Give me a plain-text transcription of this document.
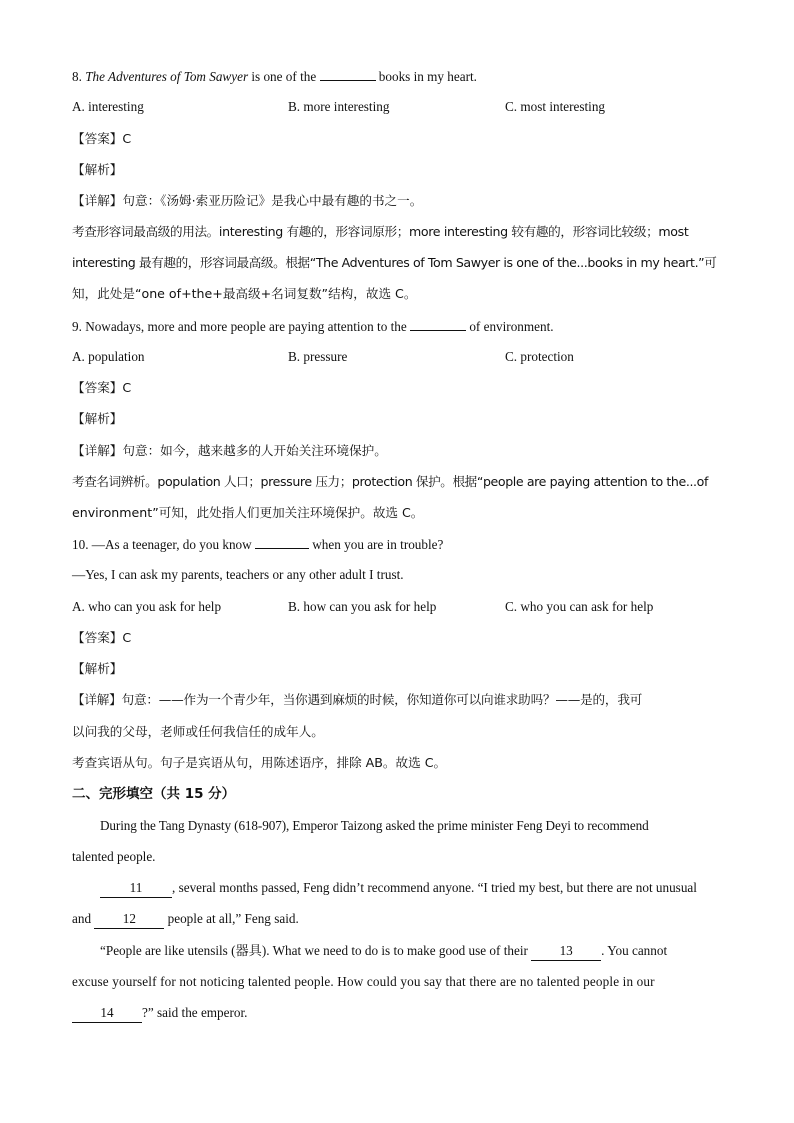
8. The Adventures of Tom Sawyer is one of the	books in my heart.
A. interesting	B. more interesting	C. most interesting
【答案】C
【解析】
【详解】句意：《汤姆·索亚历险记》是我心中最有趣的书之一。
考查形容词最高级的用法。interesting 有趣的，形容词原形；more interesting 较有趣的，形容词比较级；most
interesting 最有趣的，形容词最高级。根据“The Adventures of Tom Sawyer is one of the...books in my heart.”可
知，此处是“one of+the+最高级+名词复数”结构，故选 C。
9. Nowadays, more and more people are paying attention to the	of environment.
A. population	B. pressure	C. protection
【答案】C
【解析】
【详解】句意：如今，越来越多的人开始关注环境保护。
考查名词辨析。population 人口；pressure 压力；protection 保护。根据“people are paying attention to the...of
environment”可知，此处指人们更加关注环境保护。故选 C。
10. —As a teenager, do you know	when you are in trouble?
—Yes, I can ask my parents, teachers or any other adult I trust.
A. who can you ask for help	B. how can you ask for help	C. who you can ask for help
【答案】C
【解析】
【详解】句意：——作为一个青少年，当你遇到麻烦的时候，你知道你可以向谁求助吗？——是的，我可
以问我的父母，老师或任何我信任的成年人。
考查宾语从句。句子是宾语从句，用陈述语序，排除 AB。故选 C。
二、完形填空（共 15 分）
During the Tang Dynasty (618-907), Emperor Taizong asked the prime minister Feng Deyi to recommend
talented people.
11 , several months passed, Feng didn’t recommend anyone. “I tried my best, but there are not unusual
and 12 people at all,” Feng said.
“People are like utensils (器具). What we need to do is to make good use of their 13 . You cannot
excuse yourself for not noticing talented people. How could you say that there are no talented people in our
14 ?” said the emperor.
